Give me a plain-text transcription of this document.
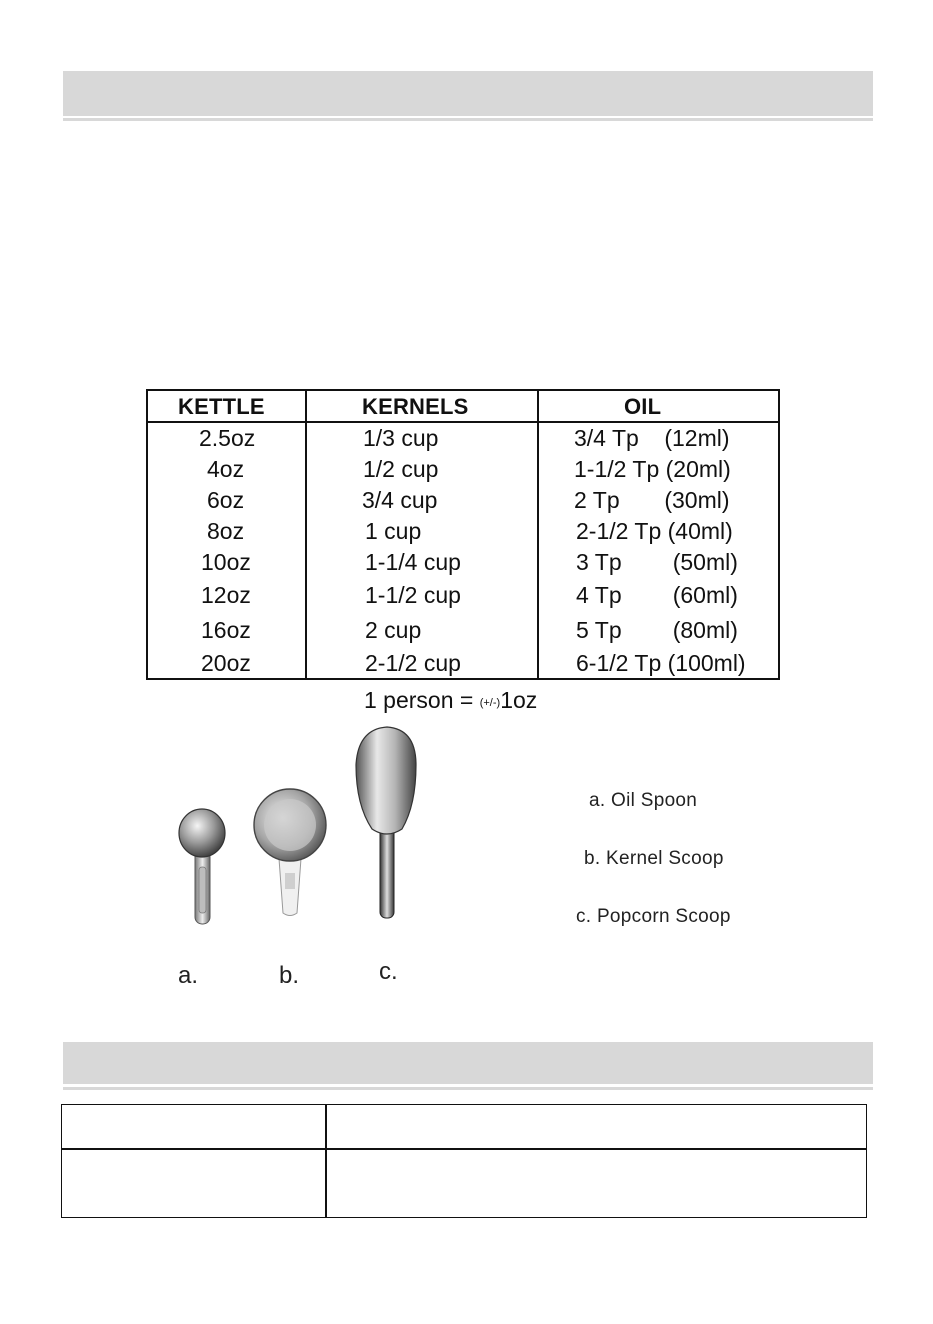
KETTLE	KERNELS	OIL
2.5oz	1/3 cup	3/4 Tp    (12ml)
4oz	1/2 cup	1-1/2 Tp (20ml)
6oz	3/4 cup	2 Tp       (30ml)
8oz	1 cup	2-1/2 Tp (40ml)
10oz	1-1/4 cup	3 Tp        (50ml)
12oz	1-1/2 cup	4 Tp        (60ml)
16oz	2 cup	5 Tp        (80ml)
20oz	2-1/2 cup	6-1/2 Tp (100ml)
1 person = (+/-)1oz
a.	b.	c.
a. Oil Spoon
b. Kernel Scoop
c. Popcorn Scoop
